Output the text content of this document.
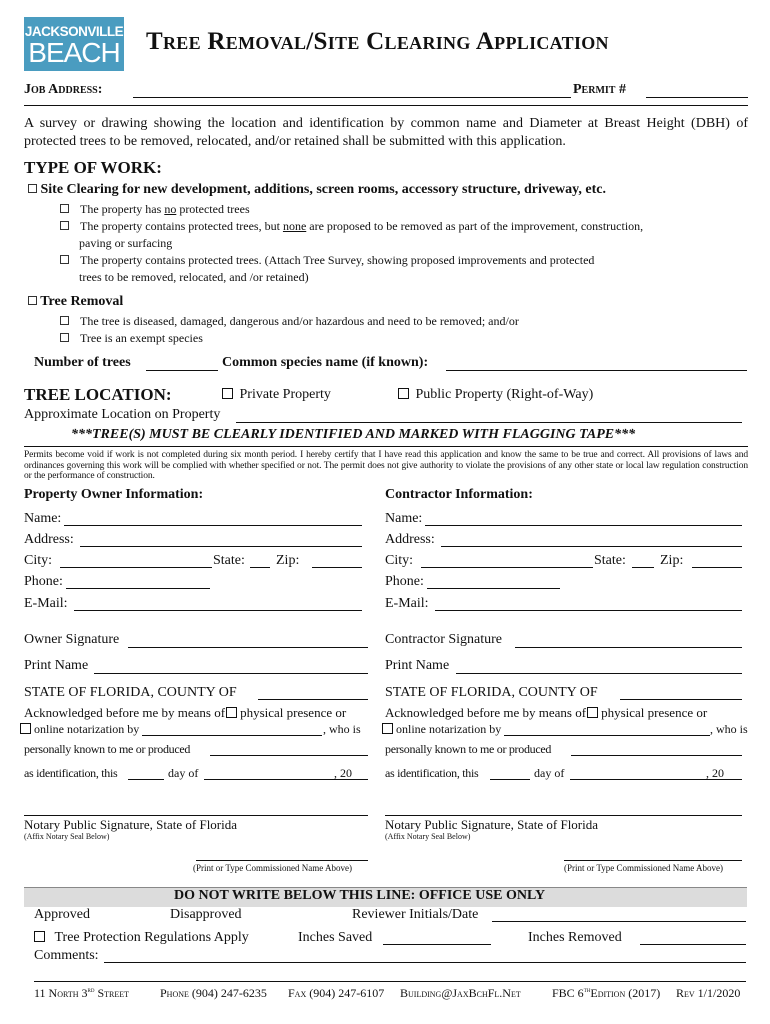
JACKSONVILLE
BEACH Tree Removal/Site Clearing Application
Job Address:	Permit #
A survey or drawing showing the location and identification by common name and Diameter at Breast Height (DBH) of protected trees to be removed, relocated, and/or retained shall be submitted with this application.
TYPE OF WORK:
Site Clearing for new development, additions, screen rooms, accessory structure, driveway, etc.
The property has no protected trees
The property contains protected trees, but none are proposed to be removed as part of the improvement, construction,
paving or surfacing
The property contains protected trees. (Attach Tree Survey, showing proposed improvements and protected
trees to be removed, relocated, and /or retained)
Tree Removal
The tree is diseased, damaged, dangerous and/or hazardous and need to be removed; and/or
Tree is an exempt species
Number of trees	Common species name (if known):
TREE LOCATION:	Private Property	Public Property (Right-of-Way)
Approximate Location on Property
***TREE(S) MUST BE CLEARLY IDENTIFIED AND MARKED WITH FLAGGING TAPE***
Permits become void if work is not completed during six month period. I hereby certify that I have read this application and know the same to be true and correct. All provisions of laws and ordinances governing this work will be complied with whether specified or not. The permit does not give authority to violate the provisions of any other state or local law regulation construction or the performance of construction.
Property Owner Information:
Name:
Address:
City:	State: Zip:
Phone:
E-Mail:
Owner Signature
Print Name
STATE OF FLORIDA, COUNTY OF
Acknowledged before me by means of physical presence or
online notarization by	, who is
personally known to me or produced
as identification, this	day of	, 20
Notary Public Signature, State of Florida
(Affix Notary Seal Below)
(Print or Type Commissioned Name Above)
Contractor Information:
Name:
Address:
City:	State: Zip:
Phone:
E-Mail:
Contractor Signature
Print Name
STATE OF FLORIDA, COUNTY OF
Acknowledged before me by means of physical presence or
online notarization by	, who is
personally known to me or produced
as identification, this	day of	, 20
Notary Public Signature, State of Florida
(Affix Notary Seal Below)
(Print or Type Commissioned Name Above)
DO NOT WRITE BELOW THIS LINE: OFFICE USE ONLY
Approved	Disapproved	Reviewer Initials/Date
Tree Protection Regulations Apply	Inches Saved	Inches Removed
Comments:
11 North 3rd Street	Phone (904) 247-6235 Fax (904) 247-6107 Building@JaxBchFl.Net	FBC 6thEdition (2017) Rev 1/1/2020
